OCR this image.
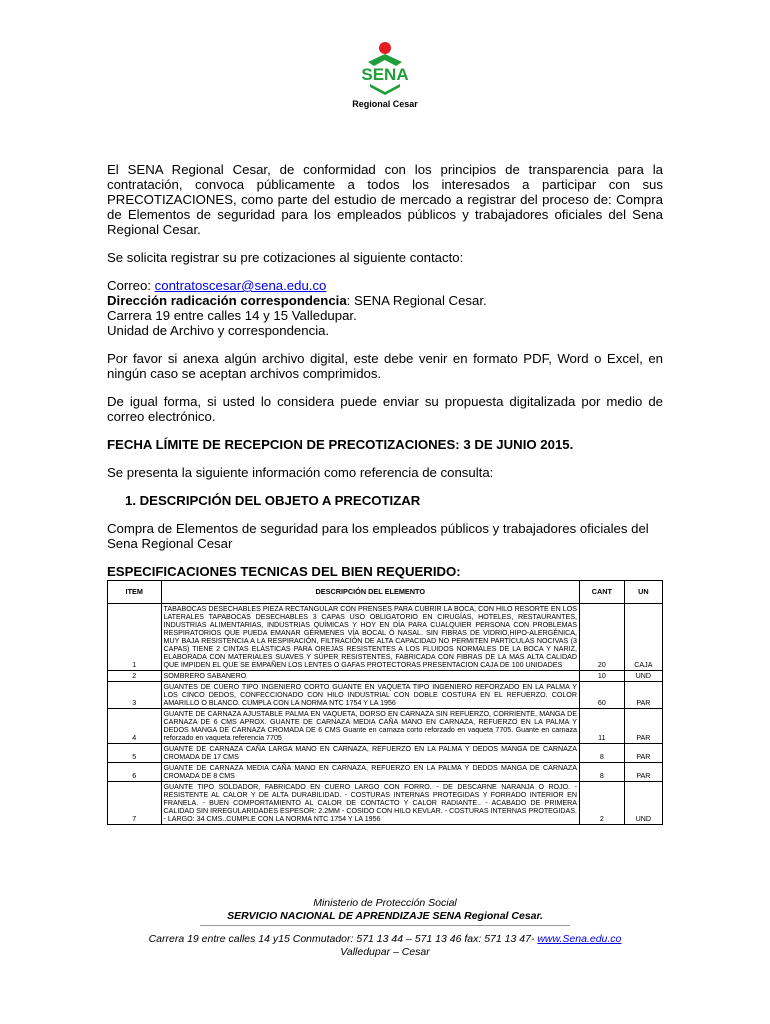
SENA
Regional Cesar

El SENA Regional Cesar, de conformidad con los principios de transparencia para la contratación, convoca públicamente a todos los interesados a participar con sus PRECOTIZACIONES, como parte del estudio de mercado a registrar del proceso de: Compra de Elementos de seguridad para los empleados públicos y trabajadores oficiales del Sena Regional Cesar.

Se solicita registrar su pre cotizaciones al siguiente contacto:

Correo: contratoscesar@sena.edu.co
Dirección radicación correspondencia: SENA Regional Cesar.
Carrera 19 entre calles 14 y 15 Valledupar.
Unidad de Archivo y correspondencia.

Por favor si anexa algún archivo digital, este debe venir en formato PDF, Word o Excel, en ningún caso se aceptan archivos comprimidos.

De igual forma, si usted lo considera puede enviar su propuesta digitalizada por medio de correo electrónico.

FECHA LÍMITE DE RECEPCION DE PRECOTIZACIONES: 3 DE JUNIO 2015.

Se presenta la siguiente información como referencia de consulta:

1. DESCRIPCIÓN DEL OBJETO A PRECOTIZAR

Compra de Elementos de seguridad para los empleados públicos y trabajadores oficiales del Sena Regional Cesar

ESPECIFICACIONES TECNICAS DEL BIEN REQUERIDO:

ITEM	DESCRIPCIÓN DEL ELEMENTO	CANT	UN
1	TABABOCAS DESECHABLES PIEZA RECTANGULAR CON PRENSES PARA CUBRIR LA BOCA, CON HILO RESORTE EN LOS LATERALES TAPABOCAS DESECHABLES 3 CAPAS USO OBLIGATORIO EN CIRUGÍAS, HOTELES, RESTAURANTES, INDUSTRIAS ALIMENTARIAS, INDUSTRIAS QUÍMICAS Y HOY EN DÍA PARA CUALQUIER PERSONA CON PROBLEMAS RESPIRATORIOS QUE PUEDA EMANAR GÉRMENES VÍA BOCAL Ó NASAL. SIN FIBRAS DE VIDRIO,HIPO-ALERGÉNICA, MUY BAJA RESISTENCIA A LA RESPIRACIÓN, FILTRACIÓN DE ALTA CAPACIDAD NO PERMITEN PARTÍCULAS NOCIVAS (3 CAPAS) TIENE 2 CINTAS ELÁSTICAS PARA OREJAS RESISTENTES A LOS FLUIDOS NORMALES DE LA BOCA Y NARIZ, ELABORADA CON MATERIALES SUAVES Y SÚPER RESISTENTES, FABRICADA CON FIBRAS DE LA MAS ALTA CALIDAD QUE IMPIDEN EL QUE SE EMPAÑEN LOS LENTES O GAFAS PROTECTORAS PRESENTACION CAJA DE 100 UNIDADES	20	CAJA
2	SOMBRERO SABANERO	10	UND
3	GUANTES DE CUERO TIPO INGENIERO CORTO GUANTE EN VAQUETA TIPO INGENIERO REFORZADO EN LA PALMA Y LOS CINCO DEDOS, CONFECCIONADO CON HILO INDUSTRIAL CON DOBLE COSTURA EN EL REFUERZO. COLOR AMARILLO O BLANCO. CUMPLA CON LA NORMA NTC 1754 Y LA 1956	60	PAR
4	GUANTE DE CARNAZA AJUSTABLE PALMA EN VAQUETA, DORSO EN CARNAZA SIN REFUERZO, CORRIENTE, MANGA DE CARNAZA DE 6 CMS APROX. GUANTE DE CARNAZA MEDIA CAÑA MANO EN CARNAZA, REFUERZO EN LA PALMA Y DEDOS MANGA DE CARNAZA CROMADA DE 6 CMS Guante en carnaza corto reforzado en vaqueta 7705. Guante en carnaza reforzado en vaqueta referencia 7705	11	PAR
5	GUANTE DE CARNAZA CAÑA LARGA MANO EN CARNAZA, REFUERZO EN LA PALMA Y DEDOS MANGA DE CARNAZA CROMADA DE 17 CMS	8	PAR
6	GUANTE DE CARNAZA MEDIA CAÑA MANO EN CARNAZA, REFUERZO EN LA PALMA Y DEDOS MANGA DE CARNAZA CROMADA DE 8 CMS	8	PAR
7	GUANTE TIPO SOLDADOR, FABRICADO EN CUERO LARGO CON FORRO. - DE DESCARNE NARANJA O ROJO. - RESISTENTE AL CALOR Y DE ALTA DURABILIDAD. - COSTURAS INTERNAS PROTEGIDAS Y FORRADO INTERIOR EN FRANELA. - BUEN COMPORTAMIENTO AL CALOR DE CONTACTO Y CALOR RADIANTE.. - ACABADO DE PRIMERA CALIDAD SIN IRREGULARIDADES ESPESOR: 2.2MM - COSIDO CON HILO KEVLAR. - COSTURAS INTERNAS PROTEGIDAS. - LARGO: 34 CMS..CUMPLE CON LA NORMA NTC 1754 Y LA 1956	2	UND
Ministerio de Protección Social
SERVICIO NACIONAL DE APRENDIZAJE SENA Regional Cesar.
Carrera 19 entre calles 14 y15 Conmutador: 571 13 44 – 571 13 46 fax: 571 13 47- www.Sena.edu.co
Valledupar – Cesar
